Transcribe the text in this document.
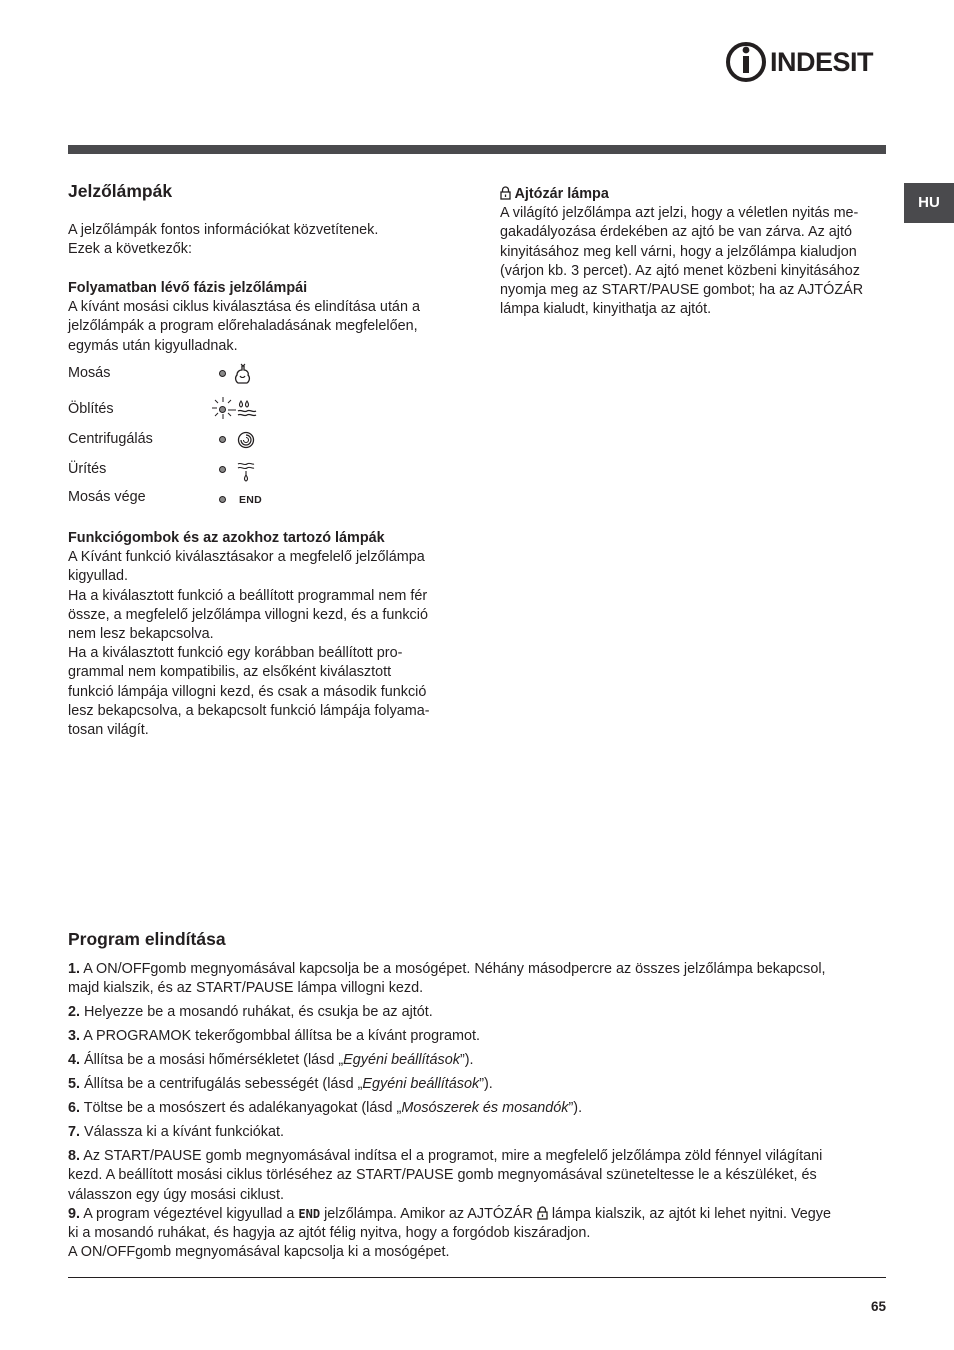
INDESIT
HU
Jelzőlámpák

A jelzőlámpák fontos információkat közvetítenek.

Ezek a következők:

Folyamatban lévő fázis jelzőlámpái

A kívánt mosási ciklus kiválasztása és elindítása után a

jelzőlámpák a program előrehaladásának megfelelően,

egymás után kigyulladnak.

Mosás
Öblítés
Centrifugálás
Ürítés
Mosás vége	END

Funkciógombok és az azokhoz tartozó lámpák

A Kívánt funkció kiválasztásakor a megfelelő jelzőlámpa

kigyullad.

Ha a kiválasztott funkció a beállított programmal nem fér

össze, a megfelelő jelzőlámpa villogni kezd, és a funkció

nem lesz bekapcsolva.

Ha a kiválasztott funkció egy korábban beállított pro-

grammal nem kompatibilis, az elsőként kiválasztott

funkció lámpája villogni kezd, és csak a második funkció

lesz bekapcsolva, a bekapcsolt funkció lámpája folyama-

tosan világít.

Ajtózár lámpa

A világító jelzőlámpa azt jelzi, hogy a véletlen nyitás me-

gakadályozása érdekében az ajtó be van zárva. Az ajtó

kinyitásához meg kell várni, hogy a jelzőlámpa kialudjon

(várjon kb. 3 percet). Az ajtó menet közbeni kinyitásához

nyomja meg az START/PAUSE gombot; ha az AJTÓZÁR

lámpa kialudt, kinyithatja az ajtót.

Program elindítása
1. A ON/OFFgomb megnyomásával kapcsolja be a mosógépet. Néhány másodpercre az összes jelzőlámpa bekapcsol,
majd kialszik, és az START/PAUSE lámpa villogni kezd.
2. Helyezze be a mosandó ruhákat, és csukja be az ajtót.
3. A PROGRAMOK tekerőgombbal állítsa be a kívánt programot.
4. Állítsa be a mosási hőmérsékletet (lásd „Egyéni beállítások”).
5. Állítsa be a centrifugálás sebességét (lásd „Egyéni beállítások”).
6. Töltse be a mosószert és adalékanyagokat (lásd „Mosószerek és mosandók”).
7. Válassza ki a kívánt funkciókat.
8. Az START/PAUSE gomb megnyomásával indítsa el a programot, mire a megfelelő jelzőlámpa zöld fénnyel világítani
kezd. A beállított mosási ciklus törléséhez az START/PAUSE gomb megnyomásával szüneteltesse le a készüléket, és
válasszon egy úgy mosási ciklust.
9. A program végeztével kigyullad a END jelzőlámpa. Amikor az AJTÓZÁR  lámpa kialszik, az ajtót ki lehet nyitni. Vegye
ki a mosandó ruhákat, és hagyja az ajtót félig nyitva, hogy a forgódob kiszáradjon.
A ON/OFFgomb megnyomásával kapcsolja ki a mosógépet.
65
